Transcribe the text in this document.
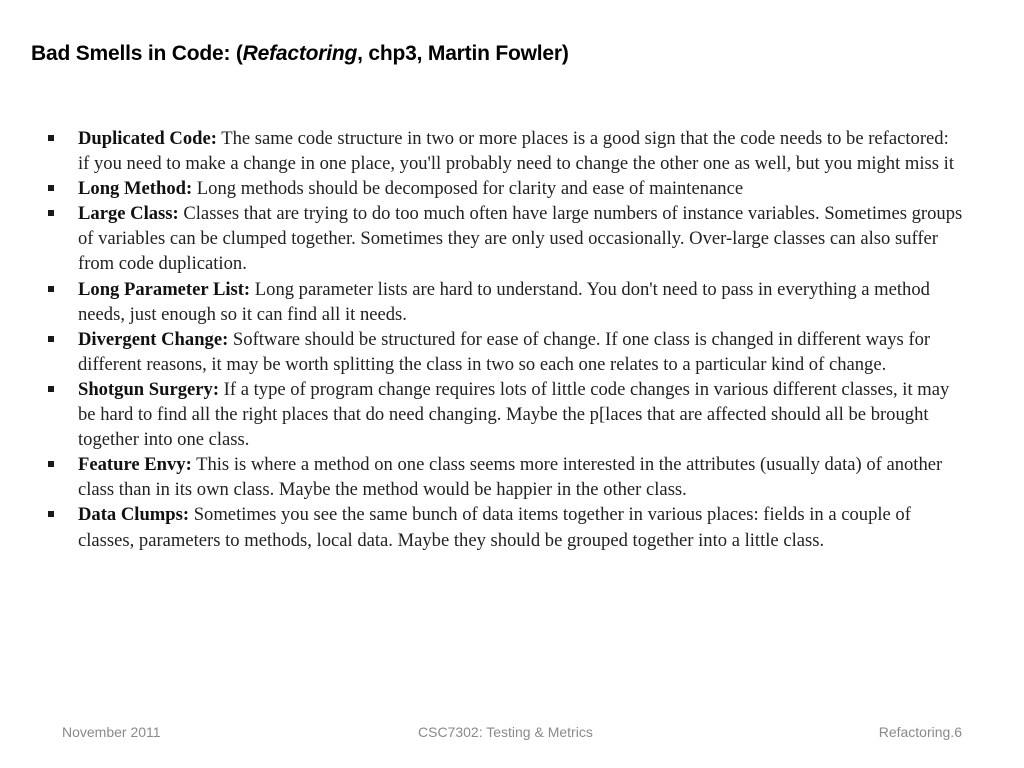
Bad Smells in Code: (Refactoring, chp3, Martin Fowler)
Duplicated Code: The same code structure in two or more places is a good sign that the code needs to be refactored: if you need to make a change in one place, you'll probably need to change the other one as well, but you might miss it
Long Method: Long methods should be decomposed for clarity and ease of maintenance
Large Class: Classes that are trying to do too much often have large numbers of instance variables. Sometimes groups of variables can be clumped together. Sometimes they are only used occasionally. Over-large classes can also suffer from code duplication.
Long Parameter List: Long parameter lists are hard to understand. You don't need to pass in everything a method needs, just enough so it can find all it needs.
Divergent Change: Software should be structured for ease of change. If one class is changed in different ways for different reasons, it may be worth splitting the class in two so each one relates to a particular kind of change.
Shotgun Surgery: If a type of program change requires lots of little code changes in various different classes, it may be hard to find all the right places that do need changing. Maybe the p[laces that are affected should all be brought together into one class.
Feature Envy: This is where a method on one class seems more interested in the attributes (usually data) of another class than in its own class. Maybe the method would be happier in the other class.
Data Clumps: Sometimes you see the same bunch of data items together in various places: fields in a couple of classes, parameters to methods, local data. Maybe they should be grouped together into a little class.
November 2011	CSC7302: Testing & Metrics	Refactoring.6
